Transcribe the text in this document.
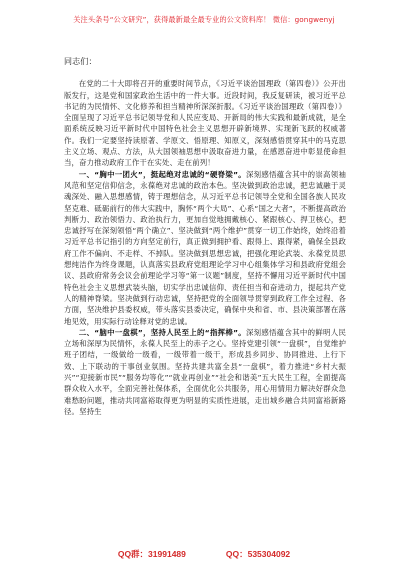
关注头条号“公文研究”，获得最新最全最专业的公文资料库！ 微信：gongwenyj

同志们：

在党的二十大即将召开的重要时间节点，《习近平谈治国理政（第四卷）》公开出版发行，这是党和国家政治生活中的一件大事。近段时间，我反复研读，被习近平总书记的为民情怀、文化修养和担当精神所深深折服。《习近平谈治国理政（第四卷）》全面呈现了习近平总书记领导党和人民应变局、开新局的伟大实践和最新成就，是全面系统反映习近平新时代中国特色社会主义思想开辟新境界、实现新飞跃的权威著作。我们一定要坚持读原著、学原文、悟原理、知原义，深刻感悟贯穿其中的马克思主义立场、观点、方法，从大国领袖思想中汲取奋进力量，在感恩奋进中彰显使命担当，奋力推动政府工作干在实处、走在前列！

一、“胸中一团火”，挺起绝对忠诚的“硬脊梁”。深刻感悟蕴含其中的崇高领袖风范和坚定信仰信念，永葆绝对忠诚的政治本色。坚决做到政治忠诚，把忠诚融于灵魂深处、融入思想感情，铸于理想信念，从习近平总书记领导全党和全国各族人民攻坚克难、砥砺前行的伟大实践中，胸怀“两个大局”、心系“国之大者”，不断提高政治判断力、政治领悟力、政治执行力，更加自觉地拥戴核心、紧跟核心、捍卫核心，把忠诚抒写在深刻领悟“两个确立”、坚决做到“两个维护”贯穿一切工作始终，始终沿着习近平总书记指引的方向坚定前行，真正做到拥护看、跟得上、跟得紧，确保全县政府工作不偏向、不走样、不掉队。坚决做到思想忠诚，把强化理论武装、永葆党员思想纯洁作为终身课题，认真落实县政府党组理论学习中心组集体学习和县政府党组会议、县政府常务会议会前理论学习等“第一议题”制度，坚持不懈用习近平新时代中国特色社会主义思想武装头脑，切实学出忠诚信仰、责任担当和奋进动力，提起共产党人的精神脊梁。坚决做到行动忠诚，坚持把党的全面领导贯穿到政府工作全过程、各方面，坚决维护县委权威，带头落实县委决定，确保中央和省、市、县决策部署在落地见效，用实际行动诠释对党的忠诚。

二、“脑中一盘棋”，坚持人民至上的“指挥棒”。深刻感悟蕴含其中的鲜明人民立场和深厚为民情怀，永葆人民至上的赤子之心。坚持党建引领“一盘棋”，自觉维护班子团结，一级做给一级看，一级带着一级干，形成县乡同步、协同推进、上行下效、上下联动的干事创业氛围。坚持共建共富全县“一盘棋”，着力推进“乡村大振兴”“迎接新市民”“服务均等化”“就业再创业”“社会和谐美”五大民生工程，全面提高群众收入水平，全面完善社保体系，全面优化公共服务，用心用情用力解决好群众急难愁盼问题，推动共同富裕取得更为明显的实质性进展，走出城乡融合共同富裕新路径。坚持生

QQ群：31991489	QQ：535304092
